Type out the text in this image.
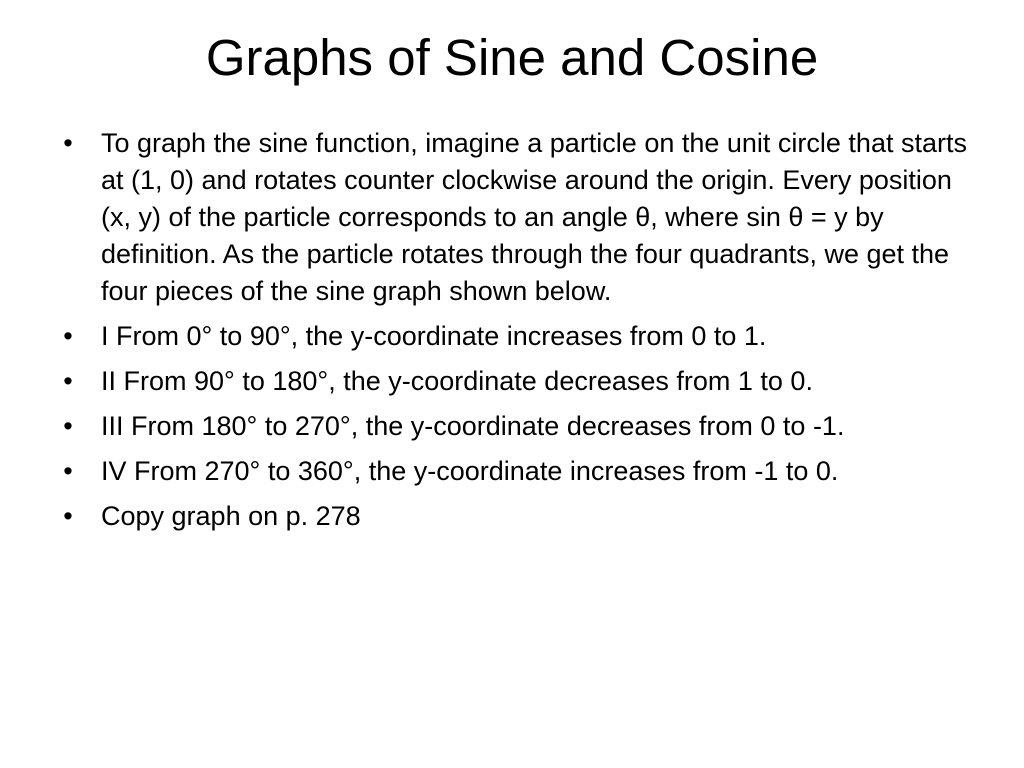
Graphs of Sine and Cosine
• To graph the sine function, imagine a particle on the unit circle that starts at (1, 0) and rotates counter clockwise around the origin. Every position (x, y) of the particle corresponds to an angle θ, where sin θ = y by definition. As the particle rotates through the four quadrants, we get the four pieces of the sine graph shown below.
• I From 0° to 90°, the y-coordinate increases from 0 to 1.
• II From 90° to 180°, the y-coordinate decreases from 1 to 0.
• III From 180° to 270°, the y-coordinate decreases from 0 to -1.
• IV From 270° to 360°, the y-coordinate increases from -1 to 0.
• Copy graph on p. 278
